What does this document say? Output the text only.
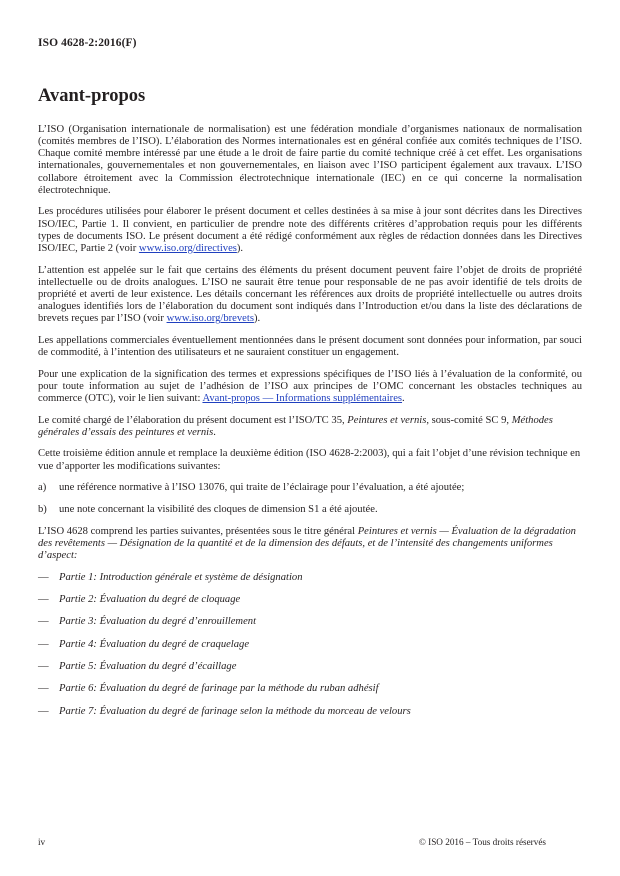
ISO 4628-2:2016(F)
Avant-propos

L’ISO (Organisation internationale de normalisation) est une fédération mondiale d’organismes nationaux de normalisation (comités membres de l’ISO). L’élaboration des Normes internationales est en général confiée aux comités techniques de l’ISO. Chaque comité membre intéressé par une étude a le droit de faire partie du comité technique créé à cet effet. Les organisations internationales, gouvernementales et non gouvernementales, en liaison avec l’ISO participent également aux travaux. L’ISO collabore étroitement avec la Commission électrotechnique internationale (IEC) en ce qui concerne la normalisation électrotechnique.

Les procédures utilisées pour élaborer le présent document et celles destinées à sa mise à jour sont décrites dans les Directives ISO/IEC, Partie 1. Il convient, en particulier de prendre note des différents critères d’approbation requis pour les différents types de documents ISO. Le présent document a été rédigé conformément aux règles de rédaction données dans les Directives ISO/IEC, Partie 2 (voir www.iso.org/directives).

L’attention est appelée sur le fait que certains des éléments du présent document peuvent faire l’objet de droits de propriété intellectuelle ou de droits analogues. L’ISO ne saurait être tenue pour responsable de ne pas avoir identifié de tels droits de propriété et averti de leur existence. Les détails concernant les références aux droits de propriété intellectuelle ou autres droits analogues identifiés lors de l’élaboration du document sont indiqués dans l’Introduction et/ou dans la liste des déclarations de brevets reçues par l’ISO (voir www.iso.org/brevets).

Les appellations commerciales éventuellement mentionnées dans le présent document sont données pour information, par souci de commodité, à l’intention des utilisateurs et ne sauraient constituer un engagement.

Pour une explication de la signification des termes et expressions spécifiques de l’ISO liés à l’évaluation de la conformité, ou pour toute information au sujet de l’adhésion de l’ISO aux principes de l’OMC concernant les obstacles techniques au commerce (OTC), voir le lien suivant: Avant-propos — Informations supplémentaires.

Le comité chargé de l’élaboration du présent document est l’ISO/TC 35, Peintures et vernis, sous-comité SC 9, Méthodes générales d’essais des peintures et vernis.

Cette troisième édition annule et remplace la deuxième édition (ISO 4628-2:2003), qui a fait l’objet d’une révision technique en vue d’apporter les modifications suivantes:

a)	une référence normative à l’ISO 13076, qui traite de l’éclairage pour l’évaluation, a été ajoutée;
b)	une note concernant la visibilité des cloques de dimension S1 a été ajoutée.

L’ISO 4628 comprend les parties suivantes, présentées sous le titre général Peintures et vernis — Évaluation de la dégradation des revêtements — Désignation de la quantité et de la dimension des défauts, et de l’intensité des changements uniformes d’aspect:

— Partie 1: Introduction générale et système de désignation
— Partie 2: Évaluation du degré de cloquage
— Partie 3: Évaluation du degré d’enrouillement
— Partie 4: Évaluation du degré de craquelage
— Partie 5: Évaluation du degré d’écaillage
— Partie 6: Évaluation du degré de farinage par la méthode du ruban adhésif
— Partie 7: Évaluation du degré de farinage selon la méthode du morceau de velours
iv	© ISO 2016 – Tous droits réservés
